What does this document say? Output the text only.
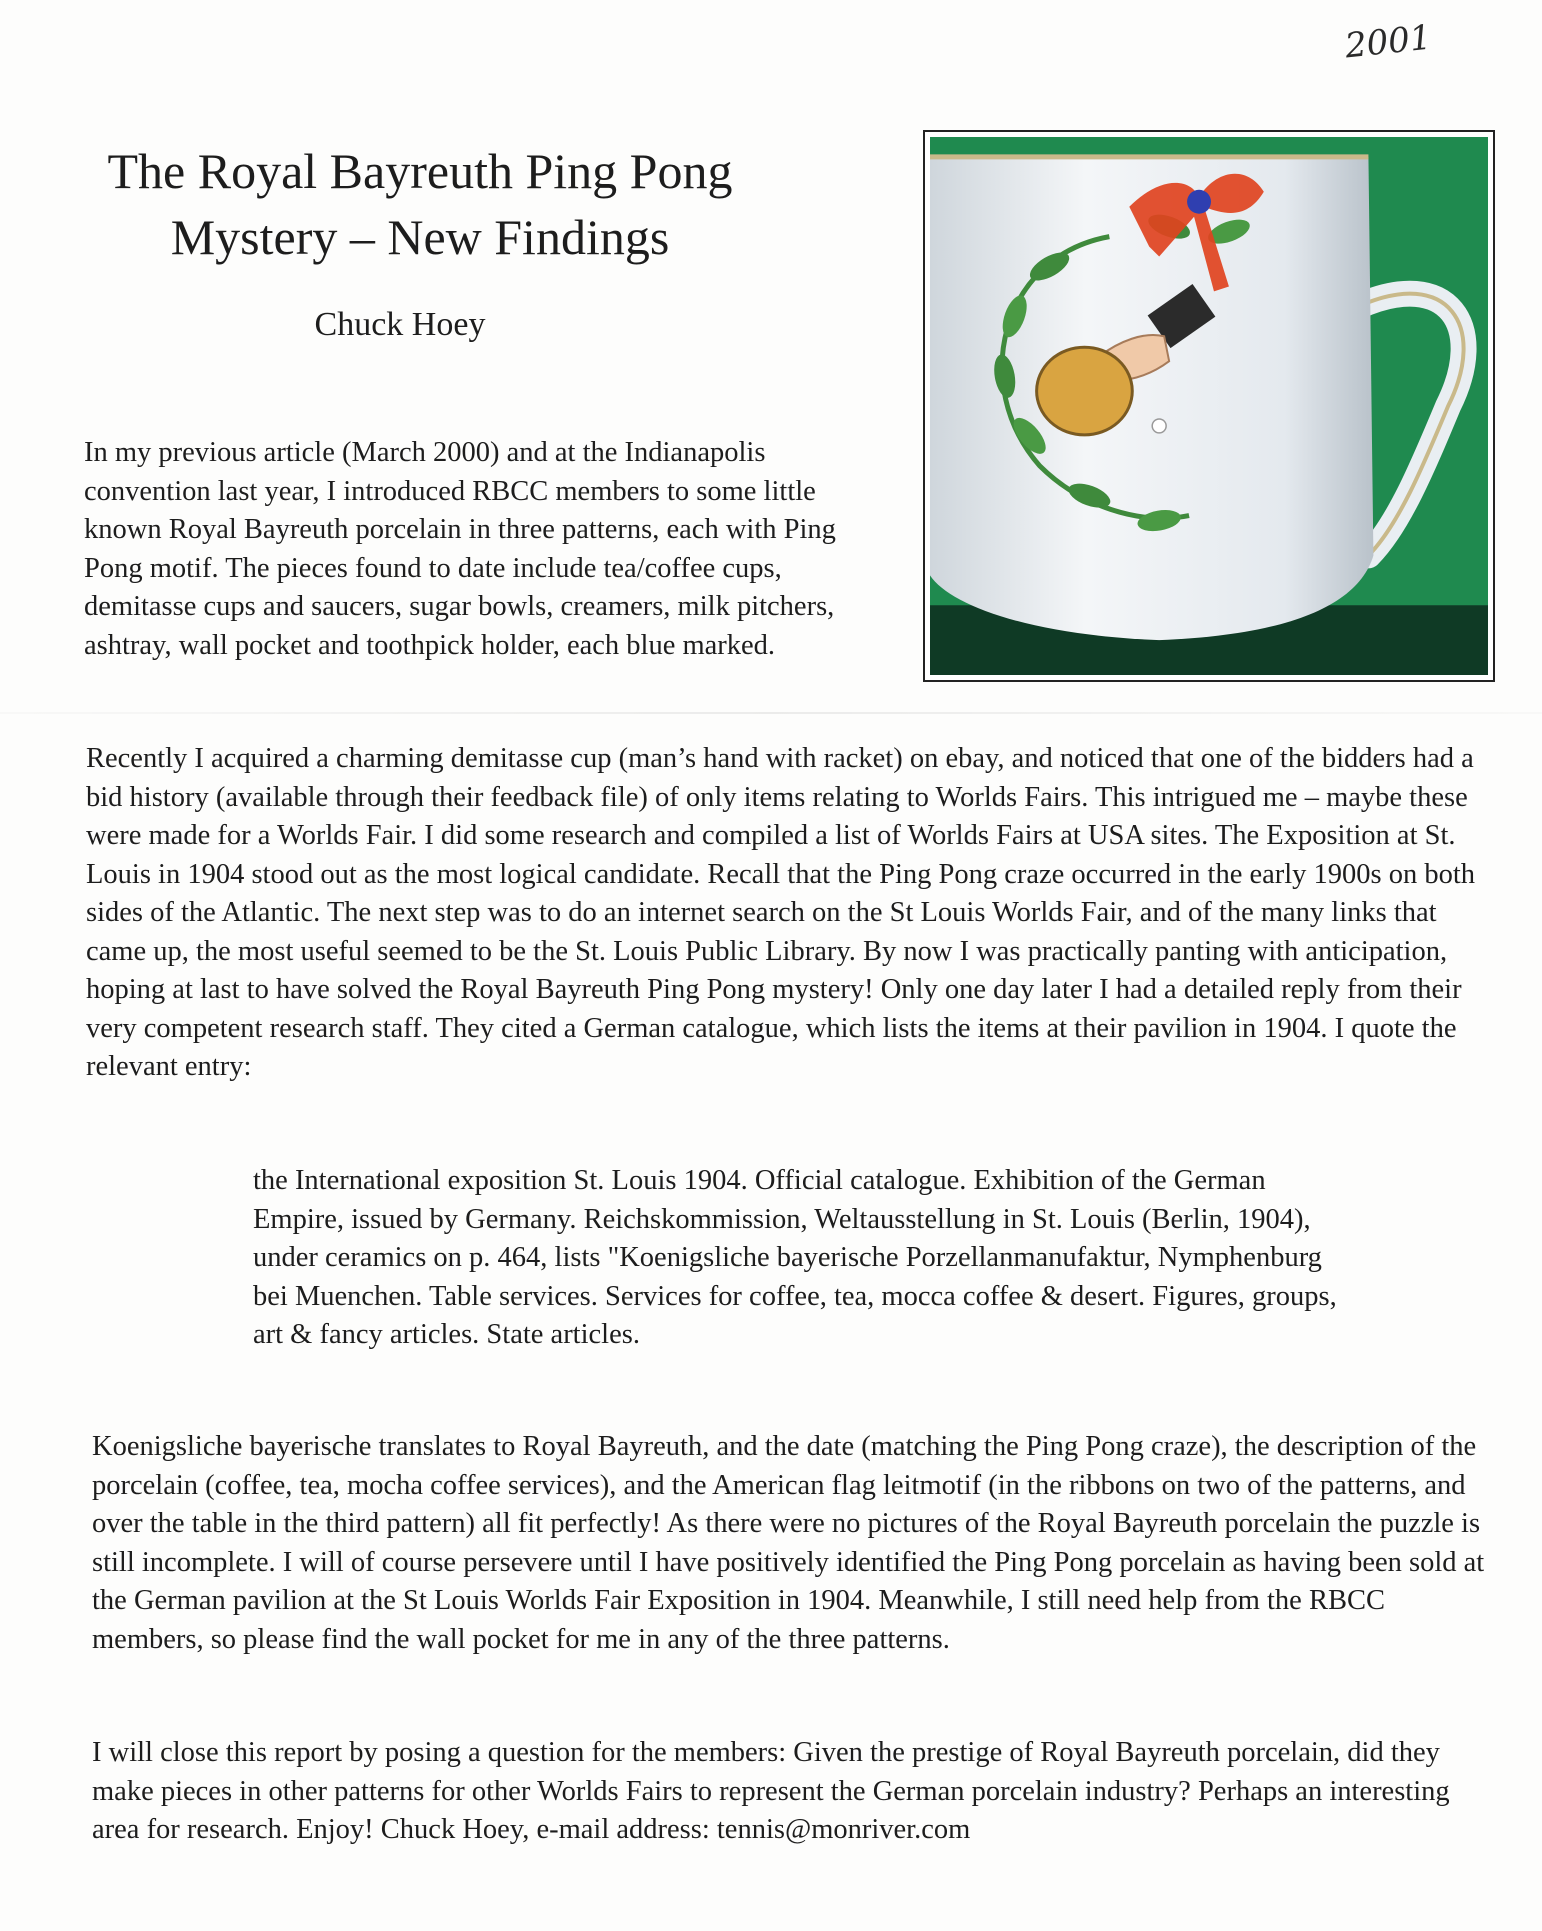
2001
The Royal Bayreuth Ping Pong
Mystery – New Findings
Chuck Hoey

In my previous article (March 2000) and at the Indianapolis convention last year, I introduced RBCC members to some little known Royal Bayreuth porcelain in three patterns, each with Ping Pong motif. The pieces found to date include tea/coffee cups, demitasse cups and saucers, sugar bowls, creamers, milk pitchers, ashtray, wall pocket and toothpick holder, each blue marked.

Recently I acquired a charming demitasse cup (man’s hand with racket) on ebay, and noticed that one of the bidders had a bid history (available through their feedback file) of only items relating to Worlds Fairs. This intrigued me – maybe these were made for a Worlds Fair. I did some research and compiled a list of Worlds Fairs at USA sites. The Exposition at St. Louis in 1904 stood out as the most logical candidate. Recall that the Ping Pong craze occurred in the early 1900s on both sides of the Atlantic. The next step was to do an internet search on the St Louis Worlds Fair, and of the many links that came up, the most useful seemed to be the St. Louis Public Library. By now I was practically panting with anticipation, hoping at last to have solved the Royal Bayreuth Ping Pong mystery! Only one day later I had a detailed reply from their very competent research staff. They cited a German catalogue, which lists the items at their pavilion in 1904. I quote the relevant entry:

the International exposition St. Louis 1904. Official catalogue. Exhibition of the German Empire, issued by Germany. Reichskommission, Weltausstellung in St. Louis (Berlin, 1904), under ceramics on p. 464, lists "Koenigsliche bayerische Porzellanmanufaktur, Nymphenburg bei Muenchen. Table services. Services for coffee, tea, mocca coffee & desert. Figures, groups, art & fancy articles. State articles.

Koenigsliche bayerische translates to Royal Bayreuth, and the date (matching the Ping Pong craze), the description of the porcelain (coffee, tea, mocha coffee services), and the American flag leitmotif (in the ribbons on two of the patterns, and over the table in the third pattern) all fit perfectly! As there were no pictures of the Royal Bayreuth porcelain the puzzle is still incomplete. I will of course persevere until I have positively identified the Ping Pong porcelain as having been sold at the German pavilion at the St Louis Worlds Fair Exposition in 1904. Meanwhile, I still need help from the RBCC members, so please find the wall pocket for me in any of the three patterns.

I will close this report by posing a question for the members: Given the prestige of Royal Bayreuth porcelain, did they make pieces in other patterns for other Worlds Fairs to represent the German porcelain industry? Perhaps an interesting area for research. Enjoy! Chuck Hoey, e-mail address: tennis@monriver.com
